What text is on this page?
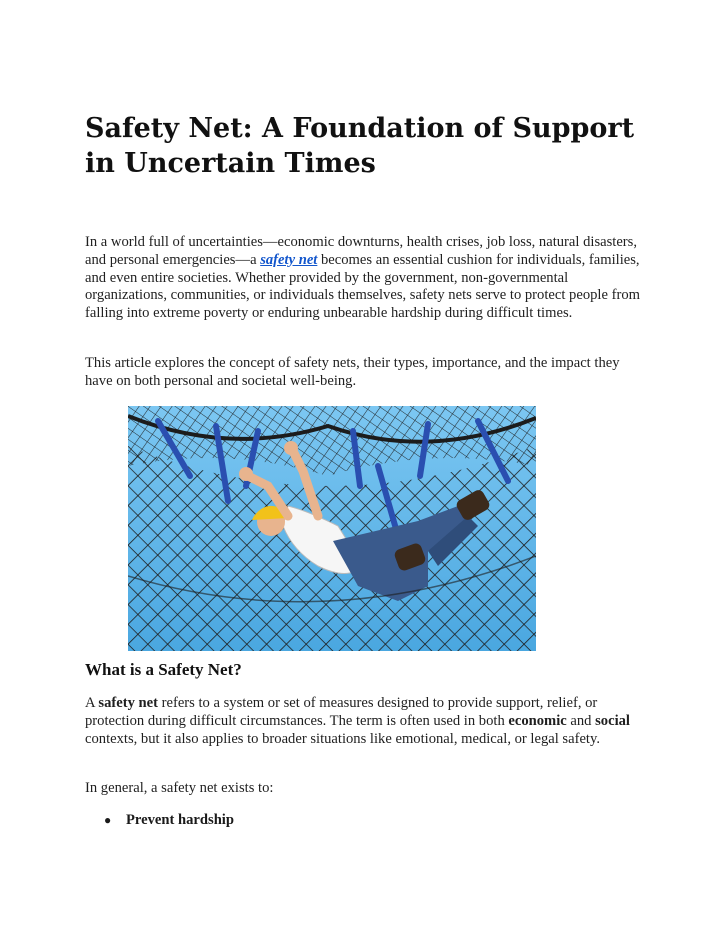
Safety Net: A Foundation of Support in Uncertain Times

In a world full of uncertainties—economic downturns, health crises, job loss, natural disasters, and personal emergencies—a safety net becomes an essential cushion for individuals, families, and even entire societies. Whether provided by the government, non-governmental organizations, communities, or individuals themselves, safety nets serve to protect people from falling into extreme poverty or enduring unbearable hardship during difficult times.

This article explores the concept of safety nets, their types, importance, and the impact they have on both personal and societal well-being.

What is a Safety Net?

A safety net refers to a system or set of measures designed to provide support, relief, or protection during difficult circumstances. The term is often used in both economic and social contexts, but it also applies to broader situations like emotional, medical, or legal safety.

In general, a safety net exists to:

● Prevent hardship
